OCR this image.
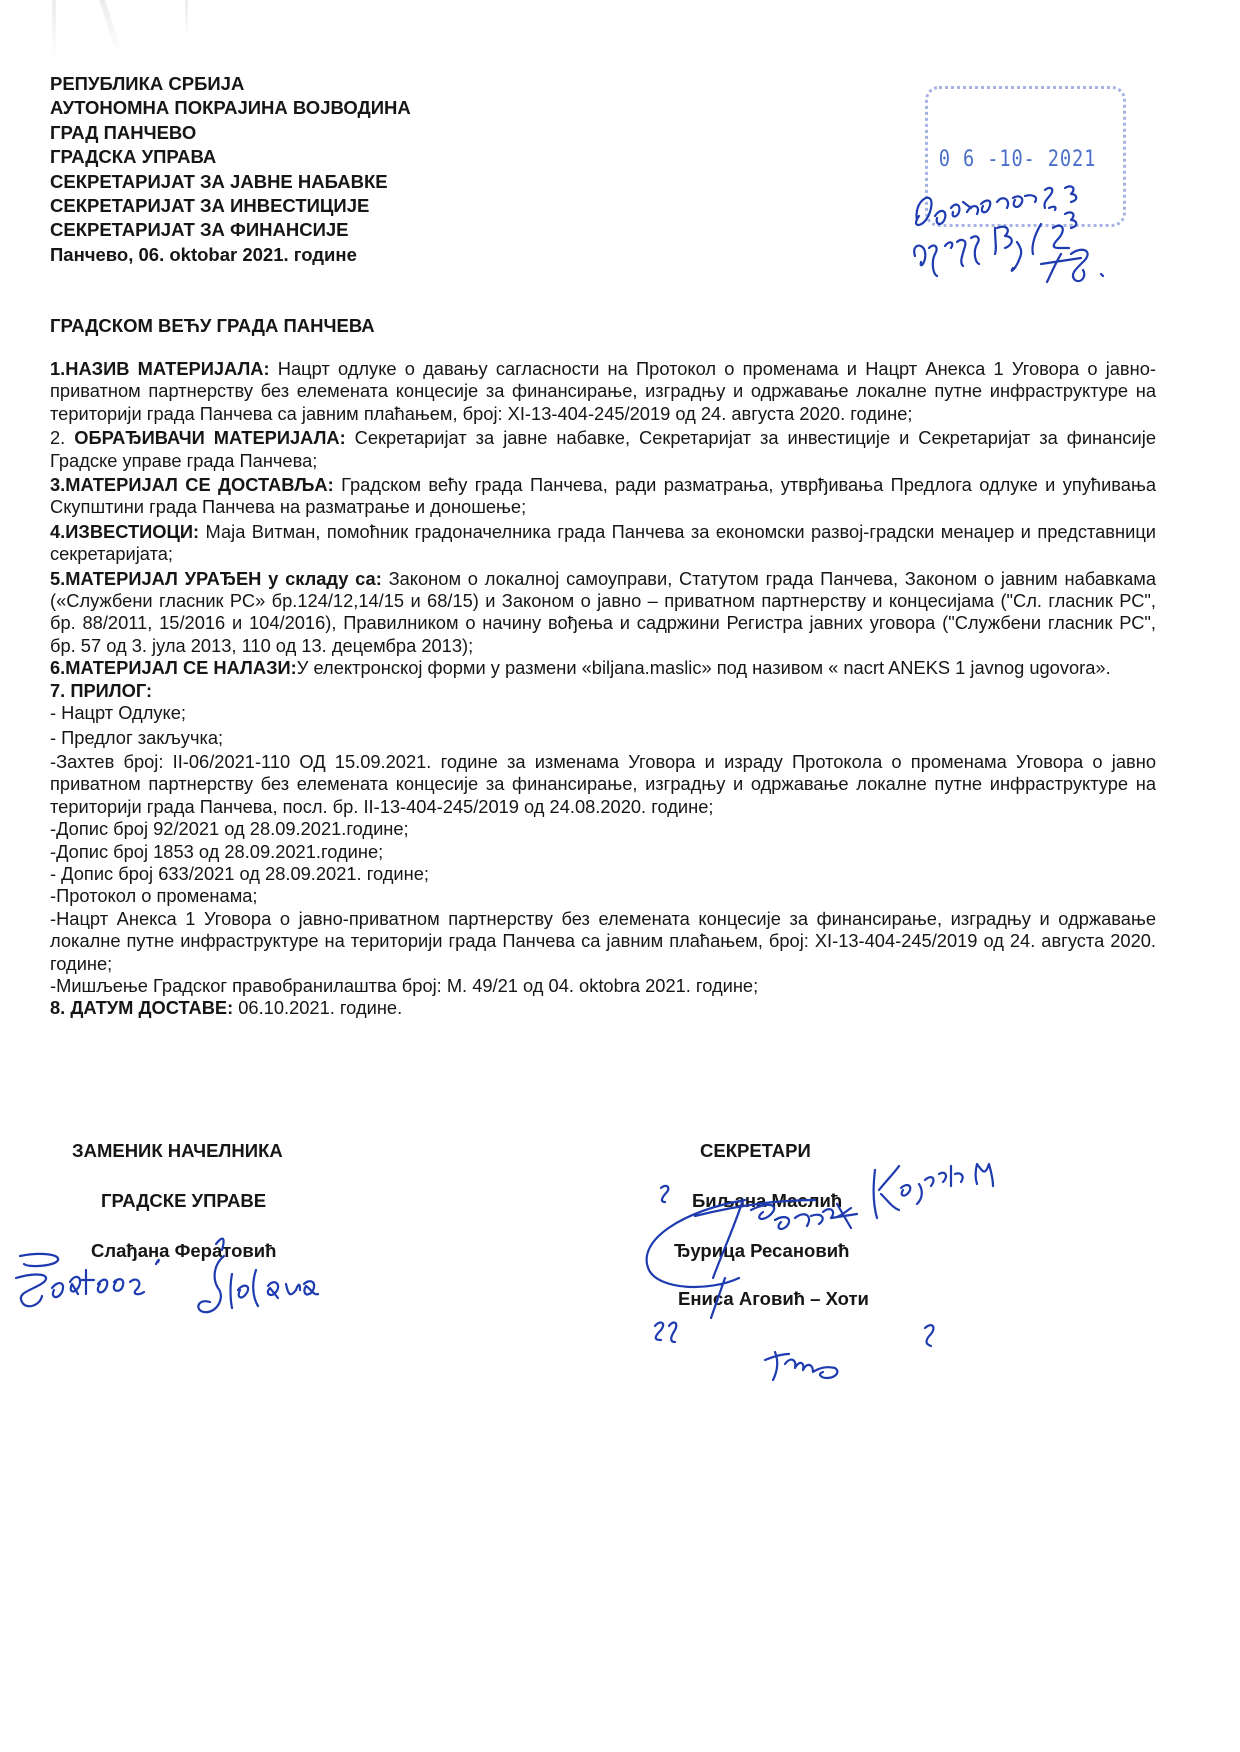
РЕПУБЛИКА СРБИЈА
АУТОНОМНА ПОКРАЈИНА ВОЈВОДИНА
ГРАД ПАНЧЕВО
ГРАДСКА УПРАВА
СЕКРЕТАРИЈАТ ЗА ЈАВНЕ НАБАВКЕ
СЕКРЕТАРИЈАТ ЗА ИНВЕСТИЦИЈЕ
СЕКРЕТАРИЈАТ ЗА ФИНАНСИЈЕ
Панчево, 06. oktobar 2021. године
0 6 -10- 2021
ГРАДСКОМ ВЕЋУ ГРАДА ПАНЧЕВА

1.НАЗИВ МАТЕРИЈАЛА: Нацрт одлуке о давању сагласности на Протокол о променама и Нацрт Анекса 1 Уговора о јавно-приватном партнерству без елемената концесије за финансирање, изградњу и одржавање локалне путне инфраструктуре на територији града Панчева са јавним плаћањем, број: XI-13-404-245/2019 од 24. августа 2020. године;

2. ОБРАЂИВАЧИ МАТЕРИЈАЛА: Секретаријат за јавне набавке, Секретаријат за инвестиције и Секретаријат за финансије Градске управе града Панчева;

3.МАТЕРИЈАЛ СЕ ДОСТАВЉА: Градском већу града Панчева, ради разматрања, утврђивања Предлога одлуке и упућивања Скупштини града Панчева на разматрање и доношење;

4.ИЗВЕСТИОЦИ: Маја Витман, помоћник градоначелника града Панчева за економски развој-градски менаџер и представници секретаријата;

5.МАТЕРИЈАЛ УРАЂЕН у складу са: Законом о локалној самоуправи, Статутом града Панчева, Законом о јавним набавкама («Службени гласник РС» бр.124/12,14/15 и 68/15) и Законом о јавно – приватном партнерству и концесијама ("Сл. гласник РС", бр. 88/2011, 15/2016 и 104/2016), Правилником о начину вођења и садржини Регистра јавних уговора ("Службени гласник РС", бр. 57 од 3. јула 2013, 110 од 13. децембра 2013);

6.МАТЕРИЈАЛ СЕ НАЛАЗИ:У електронској форми у размени «biljana.maslic» под називом « nacrt ANEKS 1 javnog ugovora».

7. ПРИЛОГ:

- Нацрт Одлуке;

- Предлог закључка;

-Захтев број: II-06/2021-110 ОД 15.09.2021. године за изменама Уговора и израду Протокола о променама Уговора о јавно приватном партнерству без елемената концесије за финансирање, изградњу и одржавање локалне путне инфраструктуре на територији града Панчева, посл. бр. II-13-404-245/2019 од 24.08.2020. године;

-Допис број 92/2021 од 28.09.2021.године;

-Допис број 1853 од 28.09.2021.године;

- Допис број 633/2021 од 28.09.2021. године;

-Протокол о променама;

-Нацрт Анекса 1 Уговора о јавно-приватном партнерству без елемената концесије за финансирање, изградњу и одржавање локалне путне инфраструктуре на територији града Панчева са јавним плаћањем, број: XI-13-404-245/2019 од 24. августа 2020. године;

-Мишљење Градског правобранилаштва број: М. 49/21 од 04. oktobra 2021. године;

8. ДАТУМ ДОСТАВЕ: 06.10.2021. године.

ЗАМЕНИК НАЧЕЛНИКА
ГРАДСКЕ УПРАВЕ
Слађана Фератовић
СЕКРЕТАРИ
Биљана Маслић
Ђурица Ресановић
Ениса Аговић – Хоти
